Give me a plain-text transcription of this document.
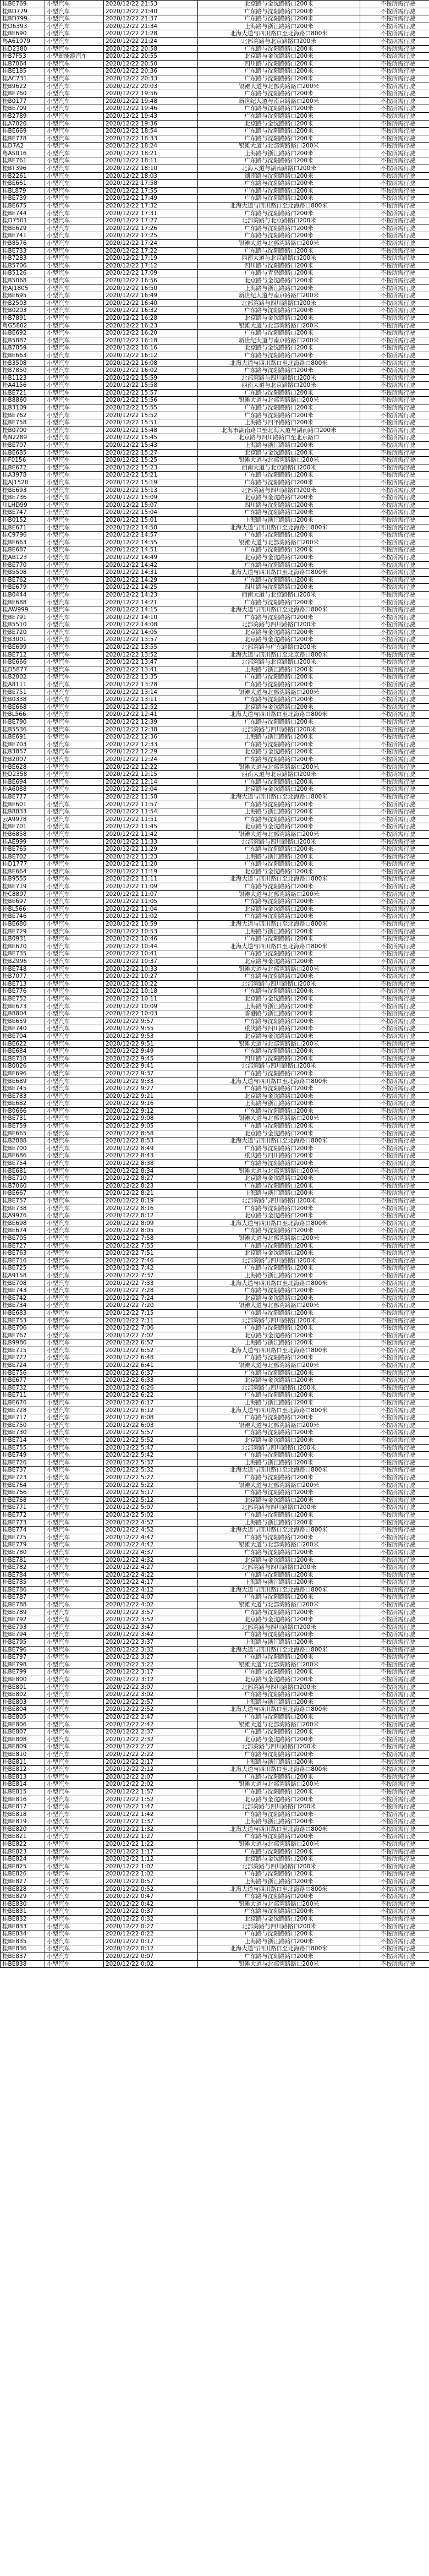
桂BE769	小型汽车	2020/12/22 21:53	北京路与金沈路路口200米	不按所需行驶
桂BD779	小型汽车	2020/12/22 21:40	广东路与沈阳路路口200米	不按所需行驶
桂BD799	小型汽车	2020/12/22 21:37	广东路与沈阳路路口200米	不按所需行驶
桂D6393	小型汽车	2020/12/22 21:34	上海路与浙江路路口200米	不按所需行驶
桂BE690	小型汽车	2020/12/22 21:28	北海大道与四川路口至北海路口800米	不按所需行驶
粤A61079	小型汽车	2020/12/22 21:24	北部湾路与北京路路口200米	不按所需行驶
桂D2380	小型汽车	2020/12/22 20:58	广东路与沈阳路路口200米	不按所需行驶
桂B7F53	小型新能源汽车	2020/12/22 20:55	北京路与金沈路路口200米	不按所需行驶
桂B7064	小型汽车	2020/12/22 20:50	四川路与沈阳路路口200米	不按所需行驶
桂BE185	小型汽车	2020/12/22 20:36	广东路与沈阳路路口200米	不按所需行驶
桂AC731	小型汽车	2020/12/22 20:33	广东路与沈阳路路口200米	不按所需行驶
桂B9622	小型汽车	2020/12/22 20:03	银滩大道与北部湾路路口200米	不按所需行驶
桂BE760	小型汽车	2020/12/22 19:56	广东路与沈阳路路口200米	不按所需行驶
桂B0177	小型汽车	2020/12/22 19:48	新世纪大道与南京路路口200米	不按所需行驶
桂BE709	小型汽车	2020/12/22 19:46	广东路与沈阳路路口200米	不按所需行驶
桂B2789	小型汽车	2020/12/22 19:43	广东路与沈阳路路口200米	不按所需行驶
桂A7020	小型汽车	2020/12/22 19:36	北京路与金沈路路口200米	不按所需行驶
桂BE669	小型汽车	2020/12/22 18:54	广东路与沈阳路路口200米	不按所需行驶
桂BE778	小型汽车	2020/12/22 18:33	广东路与沈阳路路口200米	不按所需行驶
桂D7A2	小型汽车	2020/12/22 18:24	银滩大道与北部湾路路口200米	不按所需行驶
粤AS016	小型汽车	2020/12/22 18:21	上海路与浙江路路口200米	不按所需行驶
桂BE761	小型汽车	2020/12/22 18:11	广东路与沈阳路路口200米	不按所需行驶
桂BT396	小型汽车	2020/12/22 18:10	北海大道与湖南路路口200米	不按所需行驶
桂B2261	小型汽车	2020/12/22 18:03	湖南路与沈阳路路口200米	不按所需行驶
桂BE661	小型汽车	2020/12/22 17:58	广东路与沈阳路路口200米	不按所需行驶
桂BL879	小型汽车	2020/12/22 17:55	广东路与沈阳路路口200米	不按所需行驶
桂BE739	小型汽车	2020/12/22 17:49	广东路与沈阳路路口200米	不按所需行驶
桂BE675	小型汽车	2020/12/22 17:32	北海大道与四川路口至北海路口800米	不按所需行驶
桂BE744	小型汽车	2020/12/22 17:31	广东路与沈阳路路口200米	不按所需行驶
桂D7501	小型汽车	2020/12/22 17:27	北部湾路与北京路路口200米	不按所需行驶
桂BE629	小型汽车	2020/12/22 17:26	广东路与沈阳路路口200米	不按所需行驶
桂BE741	小型汽车	2020/12/22 17:25	广东路与沈阳路路口200米	不按所需行驶
桂B8576	小型汽车	2020/12/22 17:24	银滩大道与北部湾路路口200米	不按所需行驶
桂BE733	小型汽车	2020/12/22 17:22	广东路与沈阳路路口200米	不按所需行驶
桂B7283	小型汽车	2020/12/22 17:19	西南大道与北京路路口200米	不按所需行驶
桂B5706	小型汽车	2020/12/22 17:12	四川路与沈阳路路口200米	不按所需行驶
桂B5126	小型汽车	2020/12/22 17:09	广东路与青岛路路口200米	不按所需行驶
桂B5068	小型汽车	2020/12/22 16:56	北京路与金沈路路口200米	不按所需行驶
桂AJ1805	小型汽车	2020/12/22 16:50	上海路与浙江路路口200米	不按所需行驶
桂BE695	小型汽车	2020/12/22 16:49	新世纪大道与南京路路口200米	不按所需行驶
桂B2503	小型汽车	2020/12/22 16:40	北部湾路与四川路路口200米	不按所需行驶
桂B0203	小型汽车	2020/12/22 16:32	广东路与沈阳路路口200米	不按所需行驶
桂B7891	小型汽车	2020/12/22 16:28	北京路与金沈路路口200米	不按所需行驶
粤G5802	小型汽车	2020/12/22 16:23	银滩大道与北部湾路路口200米	不按所需行驶
桂BE692	小型汽车	2020/12/22 16:20	广东路与沈阳路路口200米	不按所需行驶
桂B5887	小型汽车	2020/12/22 16:18	新世纪大道与南京路路口200米	不按所需行驶
桂B7859	小型汽车	2020/12/22 16:16	北京路与金沈路路口200米	不按所需行驶
桂BE663	小型汽车	2020/12/22 16:12	广东路与沈阳路路口200米	不按所需行驶
桂B3508	小型汽车	2020/12/22 16:08	北海大道与四川路口至北海路口800米	不按所需行驶
桂B7850	小型汽车	2020/12/22 16:02	广东路与沈阳路路口200米	不按所需行驶
桂B1123	小型汽车	2020/12/22 15:59	北部湾路与四川路路口200米	不按所需行驶
桂A4156	小型汽车	2020/12/22 15:58	西南大道与北京路路口200米	不按所需行驶
桂BE721	小型汽车	2020/12/22 15:57	广东路与沈阳路路口200米	不按所需行驶
桂B8860	小型汽车	2020/12/22 15:56	银滩大道与北部湾路路口200米	不按所需行驶
桂B3109	小型汽车	2020/12/22 15:55	广东路与沈阳路路口200米	不按所需行驶
桂BE762	小型汽车	2020/12/22 15:52	广东路与沈阳路路口200米	不按所需行驶
桂BE758	小型汽车	2020/12/22 15:51	上海路与四平路路口200米	不按所需行驶
桂B0700	小型汽车	2020/12/22 15:48	北海市湖南路口至北海大道与湖南路口200米	不按所需行驶
粤N2289	小型汽车	2020/12/22 15:45	北京路与四川路路口至北京路口	不按所需行驶
桂BE707	小型汽车	2020/12/22 15:43	上海路与浙江路路口200米	不按所需行驶
桂BE685	小型汽车	2020/12/22 15:27	北京路与金沈路路口200米	不按所需行驶
桂F0156	小型汽车	2020/12/22 15:25	银滩大道与北部湾路路口200米	不按所需行驶
桂BE672	小型汽车	2020/12/22 15:23	西南大道与北京路路口200米	不按所需行驶
桂A3978	小型汽车	2020/12/22 15:21	广东路与沈阳路路口200米	不按所需行驶
桂AJ1520	小型汽车	2020/12/22 15:19	广东路与沈阳路路口200米	不按所需行驶
桂BE693	小型汽车	2020/12/22 15:13	北部湾路与四川路路口200米	不按所需行驶
桂BE736	小型汽车	2020/12/22 15:09	北京路与金沈路路口200米	不按所需行驶
川LHD99	小型汽车	2020/12/22 15:07	四川路与沈阳路路口200米	不按所需行驶
桂BE747	小型汽车	2020/12/22 15:04	广东路与沈阳路路口200米	不按所需行驶
桂B0152	小型汽车	2020/12/22 15:01	上海路与浙江路路口200米	不按所需行驶
桂BE671	小型汽车	2020/12/22 14:58	北海大道与四川路口至北海路口800米	不按所需行驶
桂C9796	小型汽车	2020/12/22 14:57	广东路与沈阳路路口200米	不按所需行驶
桂BE663	小型汽车	2020/12/22 14:55	银滩大道与北部湾路路口200米	不按所需行驶
桂BE687	小型汽车	2020/12/22 14:51	广东路与沈阳路路口200米	不按所需行驶
桂AB123	小型汽车	2020/12/22 14:49	北京路与金沈路路口200米	不按所需行驶
桂BE770	小型汽车	2020/12/22 14:42	广东路与沈阳路路口200米	不按所需行驶
桂B5508	小型汽车	2020/12/22 14:31	北海大道与四川路口至北海路口800米	不按所需行驶
桂BE762	小型汽车	2020/12/22 14:29	广东路与沈阳路路口200米	不按所需行驶
桂BE679	小型汽车	2020/12/22 14:25	四川路与沈阳路路口200米	不按所需行驶
桂B0444	小型汽车	2020/12/22 14:23	西南大道与北京路路口200米	不按所需行驶
桂BE688	小型汽车	2020/12/22 14:21	广东路与沈阳路路口200米	不按所需行驶
桂AW999	小型汽车	2020/12/22 14:15	北海大道与四川路口至北海路口800米	不按所需行驶
桂BE791	小型汽车	2020/12/22 14:10	广东路与沈阳路路口200米	不按所需行驶
桂B5510	小型汽车	2020/12/22 14:08	北部湾路与四川路路口200米	不按所需行驶
桂BE720	小型汽车	2020/12/22 14:05	北京路与金沈路路口200米	不按所需行驶
桂B3001	小型汽车	2020/12/22 13:57	北京路与金沈路路口200米	不按所需行驶
桂BE699	小型汽车	2020/12/22 13:55	北部湾路与广东路路口200米	不按所需行驶
桂BE712	小型汽车	2020/12/22 13:52	北海大道与四川路口至北京路口800米	不按所需行驶
桂BE666	小型汽车	2020/12/22 13:47	北部湾路与北京路路口200米	不按所需行驶
桂D5877	小型汽车	2020/12/22 13:41	上海路与浙江路路口200米	不按所需行驶
桂B2002	小型汽车	2020/12/22 13:35	广东路与沈阳路路口200米	不按所需行驶
桂A8111	小型汽车	2020/12/22 13:28	广东路与沈阳路路口200米	不按所需行驶
桂BE751	小型汽车	2020/12/22 13:14	银滩大道与北部湾路路口200米	不按所需行驶
桂B0338	小型汽车	2020/12/22 13:11	广东路与沈阳路路口200米	不按所需行驶
桂BE668	小型汽车	2020/12/22 12:52	北京路与金沈路路口200米	不按所需行驶
桂BL566	小型汽车	2020/12/22 12:41	北海大道与四川路口至北海路口800米	不按所需行驶
桂BE790	小型汽车	2020/12/22 12:39	广东路与沈阳路路口200米	不按所需行驶
桂B5536	小型汽车	2020/12/22 12:38	北部湾路与四川路路口200米	不按所需行驶
桂BE691	小型汽车	2020/12/22 12:36	上海路与浙江路路口200米	不按所需行驶
桂BE703	小型汽车	2020/12/22 12:33	广东路与沈阳路路口200米	不按所需行驶
桂B3857	小型汽车	2020/12/22 12:29	北京路与金沈路路口200米	不按所需行驶
桂B2007	小型汽车	2020/12/22 12:24	广东路与沈阳路路口200米	不按所需行驶
桂BE628	小型汽车	2020/12/22 12:22	银滩大道与北部湾路路口200米	不按所需行驶
桂D2358	小型汽车	2020/12/22 12:15	西南大道与北京路路口200米	不按所需行驶
桂BE694	小型汽车	2020/12/22 12:14	广东路与沈阳路路口200米	不按所需行驶
桂A6088	小型汽车	2020/12/22 12:04	北京路与金沈路路口200米	不按所需行驶
桂BE777	小型汽车	2020/12/22 11:58	北海大道与四川路口至北海路口800米	不按所需行驶
桂BE601	小型汽车	2020/12/22 11:57	广东路与沈阳路路口200米	不按所需行驶
桂B8833	小型汽车	2020/12/22 11:54	上海路与浙江路路口200米	不按所需行驶
云A9978	小型汽车	2020/12/22 11:51	广东路与沈阳路路口200米	不按所需行驶
桂BE701	小型汽车	2020/12/22 11:45	北京路与金沈路路口200米	不按所需行驶
桂B6858	小型汽车	2020/12/22 11:42	银滩大道与北部湾路路口200米	不按所需行驶
桂AE999	小型汽车	2020/12/22 11:33	北部湾路与四川路路口200米	不按所需行驶
桂BE765	小型汽车	2020/12/22 11:29	广东路与沈阳路路口200米	不按所需行驶
桂BE702	小型汽车	2020/12/22 11:23	上海路与浙江路路口200米	不按所需行驶
桂D1777	小型汽车	2020/12/22 11:20	广东路与沈阳路路口200米	不按所需行驶
桂BE664	小型汽车	2020/12/22 11:19	北京路与金沈路路口200米	不按所需行驶
桂B9555	小型汽车	2020/12/22 11:11	北海大道与四川路口至北海路口800米	不按所需行驶
桂BE719	小型汽车	2020/12/22 11:09	广东路与沈阳路路口200米	不按所需行驶
桂C8897	小型汽车	2020/12/22 11:07	银滩大道与北部湾路路口200米	不按所需行驶
桂BE697	小型汽车	2020/12/22 11:05	广东路与沈阳路路口200米	不按所需行驶
桂BL566	小型汽车	2020/12/22 11:04	北京路与金沈路路口200米	不按所需行驶
桂BE746	小型汽车	2020/12/22 11:02	广东路与沈阳路路口200米	不按所需行驶
桂BE680	小型汽车	2020/12/22 10:59	北海大道与四川路口至北海路口800米	不按所需行驶
桂BE729	小型汽车	2020/12/22 10:53	上海路与浙江路路口200米	不按所需行驶
桂B0931	小型汽车	2020/12/22 10:46	广东路与沈阳路路口200米	不按所需行驶
桂BE670	小型汽车	2020/12/22 10:44	北海大道与四川路口至北海路口800米	不按所需行驶
桂BE735	小型汽车	2020/12/22 10:41	广东路与沈阳路路口200米	不按所需行驶
桂BZ996	小型汽车	2020/12/22 10:37	北京路与金沈路路口200米	不按所需行驶
桂BE748	小型汽车	2020/12/22 10:33	银滩大道与北部湾路路口200米	不按所需行驶
桂B7077	小型汽车	2020/12/22 10:27	广东路与沈阳路路口200米	不按所需行驶
桂BE713	小型汽车	2020/12/22 10:22	北部湾路与四川路路口200米	不按所需行驶
桂BE776	小型汽车	2020/12/22 10:18	广东路与沈阳路路口200米	不按所需行驶
桂BE752	小型汽车	2020/12/22 10:11	北京路与金沈路路口200米	不按所需行驶
桂BE673	小型汽车	2020/12/22 10:09	上海路与浙江路路口200米	不按所需行驶
桂B8804	小型汽车	2020/12/22 10:03	香港路与浙江路路口200米	不按所需行驶
桂BE659	小型汽车	2020/12/22 9:57	广东路与沈阳路路口200米	不按所需行驶
桂BE740	小型汽车	2020/12/22 9:55	重庆路与四川路路口200米	不按所需行驶
桂BE704	小型汽车	2020/12/22 9:53	北京路与金沈路路口200米	不按所需行驶
桂BE622	小型汽车	2020/12/22 9:51	银滩大道与北部湾路路口200米	不按所需行驶
桂BE684	小型汽车	2020/12/22 9:49	广东路与沈阳路路口200米	不按所需行驶
桂BE718	小型汽车	2020/12/22 9:45	四川路与沈阳路路口200米	不按所需行驶
桂B0026	小型汽车	2020/12/22 9:41	北部湾路与四川路路口200米	不按所需行驶
桂BE696	小型汽车	2020/12/22 9:37	广东路与沈阳路路口200米	不按所需行驶
桂BE689	小型汽车	2020/12/22 9:33	北海大道与四川路口至北海路口800米	不按所需行驶
桂BE745	小型汽车	2020/12/22 9:27	广东路与沈阳路路口200米	不按所需行驶
桂BE783	小型汽车	2020/12/22 9:21	北京路与金沈路路口200米	不按所需行驶
桂BE682	小型汽车	2020/12/22 9:16	上海路与浙江路路口200米	不按所需行驶
桂B0666	小型汽车	2020/12/22 9:12	广东路与沈阳路路口200米	不按所需行驶
桂BE731	小型汽车	2020/12/22 9:08	银滩大道与北部湾路路口200米	不按所需行驶
桂BE759	小型汽车	2020/12/22 9:05	广东路与沈阳路路口200米	不按所需行驶
桂BE665	小型汽车	2020/12/22 8:58	北京路与金沈路路口200米	不按所需行驶
桂B2888	小型汽车	2020/12/22 8:53	北海大道与四川路口至北海路口800米	不按所需行驶
桂BE700	小型汽车	2020/12/22 8:49	广东路与沈阳路路口200米	不按所需行驶
桂BE686	小型汽车	2020/12/22 8:43	重庆路与四川路路口200米	不按所需行驶
桂BE754	小型汽车	2020/12/22 8:38	广东路与沈阳路路口200米	不按所需行驶
桂BE681	小型汽车	2020/12/22 8:34	银滩大道与北部湾路路口200米	不按所需行驶
桂BE710	小型汽车	2020/12/22 8:27	北京路与金沈路路口200米	不按所需行驶
桂B7060	小型汽车	2020/12/22 8:23	广东路与沈阳路路口200米	不按所需行驶
桂BE667	小型汽车	2020/12/22 8:21	上海路与浙江路路口200米	不按所需行驶
桂BE757	小型汽车	2020/12/22 8:19	北部湾路与四川路路口200米	不按所需行驶
桂BE738	小型汽车	2020/12/22 8:16	广东路与沈阳路路口200米	不按所需行驶
桂A9976	小型汽车	2020/12/22 8:12	北京路与金沈路路口200米	不按所需行驶
桂BE698	小型汽车	2020/12/22 8:09	北海大道与四川路口至北海路口800米	不按所需行驶
桂BE674	小型汽车	2020/12/22 8:05	广东路与沈阳路路口200米	不按所需行驶
桂BE705	小型汽车	2020/12/22 7:58	银滩大道与北部湾路路口200米	不按所需行驶
桂BE727	小型汽车	2020/12/22 7:55	广东路与沈阳路路口200米	不按所需行驶
桂BE763	小型汽车	2020/12/22 7:51	北京路与金沈路路口200米	不按所需行驶
桂BE716	小型汽车	2020/12/22 7:46	北部湾路与四川路路口200米	不按所需行驶
桂BE725	小型汽车	2020/12/22 7:42	广东路与沈阳路路口200米	不按所需行驶
桂A9158	小型汽车	2020/12/22 7:37	上海路与浙江路路口200米	不按所需行驶
桂BE708	小型汽车	2020/12/22 7:33	北海大道与四川路口至北海路口800米	不按所需行驶
桂BE743	小型汽车	2020/12/22 7:28	广东路与沈阳路路口200米	不按所需行驶
桂BE742	小型汽车	2020/12/22 7:24	北京路与金沈路路口200米	不按所需行驶
桂BE734	小型汽车	2020/12/22 7:20	银滩大道与北部湾路路口200米	不按所需行驶
桂BE683	小型汽车	2020/12/22 7:15	广东路与沈阳路路口200米	不按所需行驶
桂BE753	小型汽车	2020/12/22 7:11	北部湾路与四川路路口200米	不按所需行驶
桂BE706	小型汽车	2020/12/22 7:06	广东路与沈阳路路口200米	不按所需行驶
桂BE767	小型汽车	2020/12/22 7:02	北京路与金沈路路口200米	不按所需行驶
桂B9986	小型汽车	2020/12/22 6:57	上海路与浙江路路口200米	不按所需行驶
桂BE715	小型汽车	2020/12/22 6:52	北海大道与四川路口至北海路口800米	不按所需行驶
桂BE722	小型汽车	2020/12/22 6:48	广东路与沈阳路路口200米	不按所需行驶
桂BE724	小型汽车	2020/12/22 6:41	银滩大道与北部湾路路口200米	不按所需行驶
桂BE756	小型汽车	2020/12/22 6:37	广东路与沈阳路路口200米	不按所需行驶
桂BE677	小型汽车	2020/12/22 6:33	北京路与金沈路路口200米	不按所需行驶
桂BE732	小型汽车	2020/12/22 6:26	北部湾路与四川路路口200米	不按所需行驶
桂BE711	小型汽车	2020/12/22 6:22	广东路与沈阳路路口200米	不按所需行驶
桂BE676	小型汽车	2020/12/22 6:17	上海路与浙江路路口200米	不按所需行驶
桂BE728	小型汽车	2020/12/22 6:12	北海大道与四川路口至北海路口800米	不按所需行驶
桂BE717	小型汽车	2020/12/22 6:08	广东路与沈阳路路口200米	不按所需行驶
桂BE750	小型汽车	2020/12/22 6:03	银滩大道与北部湾路路口200米	不按所需行驶
桂BE730	小型汽车	2020/12/22 5:57	广东路与沈阳路路口200米	不按所需行驶
桂BE714	小型汽车	2020/12/22 5:52	北京路与金沈路路口200米	不按所需行驶
桂BE755	小型汽车	2020/12/22 5:47	北部湾路与四川路路口200米	不按所需行驶
桂BE749	小型汽车	2020/12/22 5:42	广东路与沈阳路路口200米	不按所需行驶
桂BE726	小型汽车	2020/12/22 5:37	上海路与浙江路路口200米	不按所需行驶
桂BE737	小型汽车	2020/12/22 5:32	北海大道与四川路口至北海路口800米	不按所需行驶
桂BE723	小型汽车	2020/12/22 5:27	广东路与沈阳路路口200米	不按所需行驶
桂BE764	小型汽车	2020/12/22 5:22	银滩大道与北部湾路路口200米	不按所需行驶
桂BE766	小型汽车	2020/12/22 5:17	广东路与沈阳路路口200米	不按所需行驶
桂BE768	小型汽车	2020/12/22 5:12	北京路与金沈路路口200米	不按所需行驶
桂BE771	小型汽车	2020/12/22 5:07	北部湾路与四川路路口200米	不按所需行驶
桂BE772	小型汽车	2020/12/22 5:02	广东路与沈阳路路口200米	不按所需行驶
桂BE773	小型汽车	2020/12/22 4:57	上海路与浙江路路口200米	不按所需行驶
桂BE774	小型汽车	2020/12/22 4:52	北海大道与四川路口至北海路口800米	不按所需行驶
桂BE775	小型汽车	2020/12/22 4:47	广东路与沈阳路路口200米	不按所需行驶
桂BE779	小型汽车	2020/12/22 4:42	银滩大道与北部湾路路口200米	不按所需行驶
桂BE780	小型汽车	2020/12/22 4:37	广东路与沈阳路路口200米	不按所需行驶
桂BE781	小型汽车	2020/12/22 4:32	北京路与金沈路路口200米	不按所需行驶
桂BE782	小型汽车	2020/12/22 4:27	北部湾路与四川路路口200米	不按所需行驶
桂BE784	小型汽车	2020/12/22 4:22	广东路与沈阳路路口200米	不按所需行驶
桂BE785	小型汽车	2020/12/22 4:17	上海路与浙江路路口200米	不按所需行驶
桂BE786	小型汽车	2020/12/22 4:12	北海大道与四川路口至北海路口800米	不按所需行驶
桂BE787	小型汽车	2020/12/22 4:07	广东路与沈阳路路口200米	不按所需行驶
桂BE788	小型汽车	2020/12/22 4:02	银滩大道与北部湾路路口200米	不按所需行驶
桂BE789	小型汽车	2020/12/22 3:57	广东路与沈阳路路口200米	不按所需行驶
桂BE792	小型汽车	2020/12/22 3:52	北京路与金沈路路口200米	不按所需行驶
桂BE793	小型汽车	2020/12/22 3:47	北部湾路与四川路路口200米	不按所需行驶
桂BE794	小型汽车	2020/12/22 3:42	广东路与沈阳路路口200米	不按所需行驶
桂BE795	小型汽车	2020/12/22 3:37	上海路与浙江路路口200米	不按所需行驶
桂BE796	小型汽车	2020/12/22 3:32	北海大道与四川路口至北海路口800米	不按所需行驶
桂BE797	小型汽车	2020/12/22 3:27	广东路与沈阳路路口200米	不按所需行驶
桂BE798	小型汽车	2020/12/22 3:22	银滩大道与北部湾路路口200米	不按所需行驶
桂BE799	小型汽车	2020/12/22 3:17	广东路与沈阳路路口200米	不按所需行驶
桂BE800	小型汽车	2020/12/22 3:12	北京路与金沈路路口200米	不按所需行驶
桂BE801	小型汽车	2020/12/22 3:07	北部湾路与四川路路口200米	不按所需行驶
桂BE802	小型汽车	2020/12/22 3:02	广东路与沈阳路路口200米	不按所需行驶
桂BE803	小型汽车	2020/12/22 2:57	上海路与浙江路路口200米	不按所需行驶
桂BE804	小型汽车	2020/12/22 2:52	北海大道与四川路口至北海路口800米	不按所需行驶
桂BE805	小型汽车	2020/12/22 2:47	广东路与沈阳路路口200米	不按所需行驶
桂BE806	小型汽车	2020/12/22 2:42	银滩大道与北部湾路路口200米	不按所需行驶
桂BE807	小型汽车	2020/12/22 2:37	广东路与沈阳路路口200米	不按所需行驶
桂BE808	小型汽车	2020/12/22 2:32	北京路与金沈路路口200米	不按所需行驶
桂BE809	小型汽车	2020/12/22 2:27	北部湾路与四川路路口200米	不按所需行驶
桂BE810	小型汽车	2020/12/22 2:22	广东路与沈阳路路口200米	不按所需行驶
桂BE811	小型汽车	2020/12/22 2:17	上海路与浙江路路口200米	不按所需行驶
桂BE812	小型汽车	2020/12/22 2:12	北海大道与四川路口至北海路口800米	不按所需行驶
桂BE813	小型汽车	2020/12/22 2:07	广东路与沈阳路路口200米	不按所需行驶
桂BE814	小型汽车	2020/12/22 2:02	银滩大道与北部湾路路口200米	不按所需行驶
桂BE815	小型汽车	2020/12/22 1:57	广东路与沈阳路路口200米	不按所需行驶
桂BE816	小型汽车	2020/12/22 1:52	北京路与金沈路路口200米	不按所需行驶
桂BE817	小型汽车	2020/12/22 1:47	北部湾路与四川路路口200米	不按所需行驶
桂BE818	小型汽车	2020/12/22 1:42	广东路与沈阳路路口200米	不按所需行驶
桂BE819	小型汽车	2020/12/22 1:37	上海路与浙江路路口200米	不按所需行驶
桂BE820	小型汽车	2020/12/22 1:32	北海大道与四川路口至北海路口800米	不按所需行驶
桂BE821	小型汽车	2020/12/22 1:27	广东路与沈阳路路口200米	不按所需行驶
桂BE822	小型汽车	2020/12/22 1:22	银滩大道与北部湾路路口200米	不按所需行驶
桂BE823	小型汽车	2020/12/22 1:17	广东路与沈阳路路口200米	不按所需行驶
桂BE824	小型汽车	2020/12/22 1:12	北京路与金沈路路口200米	不按所需行驶
桂BE825	小型汽车	2020/12/22 1:07	北部湾路与四川路路口200米	不按所需行驶
桂BE826	小型汽车	2020/12/22 1:02	广东路与沈阳路路口200米	不按所需行驶
桂BE827	小型汽车	2020/12/22 0:57	上海路与浙江路路口200米	不按所需行驶
桂BE828	小型汽车	2020/12/22 0:52	北海大道与四川路口至北海路口800米	不按所需行驶
桂BE829	小型汽车	2020/12/22 0:47	广东路与沈阳路路口200米	不按所需行驶
桂BE830	小型汽车	2020/12/22 0:42	银滩大道与北部湾路路口200米	不按所需行驶
桂BE831	小型汽车	2020/12/22 0:37	广东路与沈阳路路口200米	不按所需行驶
桂BE832	小型汽车	2020/12/22 0:32	北京路与金沈路路口200米	不按所需行驶
桂BE833	小型汽车	2020/12/22 0:27	北部湾路与四川路路口200米	不按所需行驶
桂BE834	小型汽车	2020/12/22 0:22	广东路与沈阳路路口200米	不按所需行驶
桂BE835	小型汽车	2020/12/22 0:17	上海路与浙江路路口200米	不按所需行驶
桂BE836	小型汽车	2020/12/22 0:12	北海大道与四川路口至北海路口800米	不按所需行驶
桂BE837	小型汽车	2020/12/22 0:07	广东路与沈阳路路口200米	不按所需行驶
桂BE838	小型汽车	2020/12/22 0:02	银滩大道与北部湾路路口200米	不按所需行驶
